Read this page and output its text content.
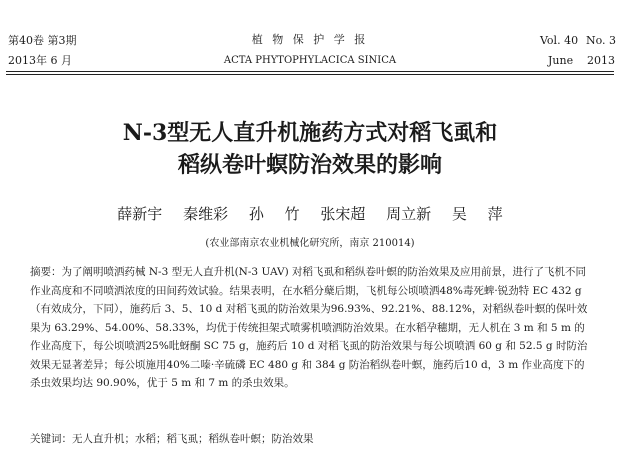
第40卷 第3期
2013年 6 月
植 物 保 护 学 报
ACTA PHYTOPHYLACICA SINICA
Vol. 40 No. 3
June 2013
N-3型无人直升机施药方式对稻飞虱和
稻纵卷叶螟防治效果的影响
薛新宇 秦维彩 孙 竹 张宋超 周立新 吴 萍
(农业部南京农业机械化研究所，南京 210014)
摘要：为了阐明喷洒药械 N-3 型无人直升机(N-3 UAV) 对稻飞虱和稻纵卷叶螟的防治效果及应用前景，进行了飞机不同作业高度和不同喷洒浓度的田间药效试验。结果表明，在水稻分蘖后期，飞机每公顷喷洒48%毒死蜱·锐劲特 EC 432 g（有效成分，下同），施药后 3、5、10 d 对稻飞虱的防治效果为96.93%、92.21%、88.12%，对稻纵卷叶螟的保叶效果为 63.29%、54.00%、58.33%，均优于传统担架式喷雾机喷洒防治效果。在水稻孕穗期，无人机在 3 m 和 5 m 的作业高度下，每公顷喷洒25%吡蚜酮 SC 75 g，施药后 10 d 对稻飞虱的防治效果与每公顷喷洒 60 g 和 52.5 g 时防治效果无显著差异；每公顷施用40%二嗪·辛硫磷 EC 480 g 和 384 g 防治稻纵卷叶螟，施药后10 d，3 m 作业高度下的杀虫效果均达 90.90%，优于 5 m 和 7 m 的杀虫效果。
关键词：无人直升机；水稻；稻飞虱；稻纵卷叶螟；防治效果
